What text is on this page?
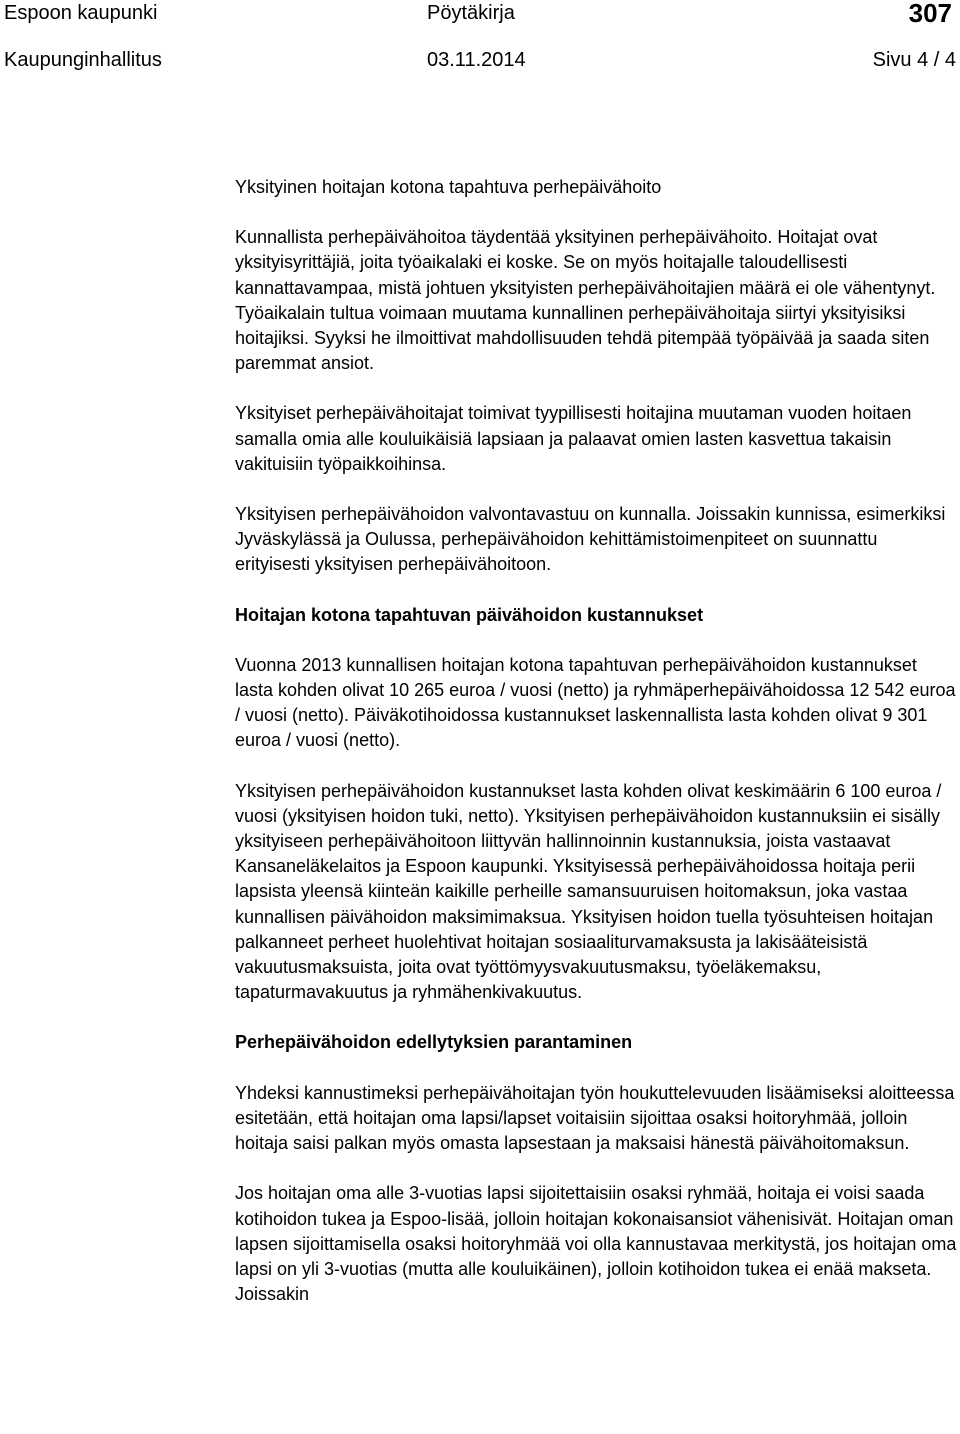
Espoon kaupunki	Pöytäkirja	307
Kaupunginhallitus	03.11.2014	Sivu 4 / 4

Yksityinen hoitajan kotona tapahtuva perhepäivähoito

Kunnallista perhepäivähoitoa täydentää yksityinen perhepäivähoito. Hoitajat ovat yksityisyrittäjiä, joita työaikalaki ei koske. Se on myös hoitajalle taloudellisesti kannattavampaa, mistä johtuen yksityisten perhepäivähoitajien määrä ei ole vähentynyt. Työaikalain tultua voimaan muutama kunnallinen perhepäivähoitaja siirtyi yksityisiksi hoitajiksi. Syyksi he ilmoittivat mahdollisuuden tehdä pitempää työpäivää ja saada siten paremmat ansiot.

Yksityiset perhepäivähoitajat toimivat tyypillisesti hoitajina muutaman vuoden hoitaen samalla omia alle kouluikäisiä lapsiaan ja palaavat omien lasten kasvettua takaisin vakituisiin työpaikkoihinsa.

Yksityisen perhepäivähoidon valvontavastuu on kunnalla. Joissakin kunnissa, esimerkiksi Jyväskylässä ja Oulussa, perhepäivähoidon kehittämistoimenpiteet on suunnattu erityisesti yksityisen perhepäivähoitoon.

Hoitajan kotona tapahtuvan päivähoidon kustannukset

Vuonna 2013 kunnallisen hoitajan kotona tapahtuvan perhepäivähoidon kustannukset lasta kohden olivat 10 265 euroa / vuosi (netto) ja ryhmäperhepäivähoidossa 12 542 euroa / vuosi (netto). Päiväkotihoidossa kustannukset laskennallista lasta kohden olivat 9 301 euroa / vuosi (netto).

Yksityisen perhepäivähoidon kustannukset lasta kohden olivat keskimäärin 6 100 euroa / vuosi (yksityisen hoidon tuki, netto). Yksityisen perhepäivähoidon kustannuksiin ei sisälly yksityiseen perhepäivähoitoon liittyvän hallinnoinnin kustannuksia, joista vastaavat Kansaneläkelaitos ja Espoon kaupunki. Yksityisessä perhepäivähoidossa hoitaja perii lapsista yleensä kiinteän kaikille perheille samansuuruisen hoitomaksun, joka vastaa kunnallisen päivähoidon maksimimaksua. Yksityisen hoidon tuella työsuhteisen hoitajan palkanneet perheet huolehtivat hoitajan sosiaaliturvamaksusta ja lakisääteisistä vakuutusmaksuista, joita ovat työttömyysvakuutusmaksu, työeläkemaksu, tapaturmavakuutus ja ryhmähenkivakuutus.

Perhepäivähoidon edellytyksien parantaminen

Yhdeksi kannustimeksi perhepäivähoitajan työn houkuttelevuuden lisäämiseksi aloitteessa esitetään, että hoitajan oma lapsi/lapset voitaisiin sijoittaa osaksi hoitoryhmää, jolloin hoitaja saisi palkan myös omasta lapsestaan ja maksaisi hänestä päivähoitomaksun.

Jos hoitajan oma alle 3-vuotias lapsi sijoitettaisiin osaksi ryhmää, hoitaja ei voisi saada kotihoidon tukea ja Espoo-lisää, jolloin hoitajan kokonaisansiot vähenisivät. Hoitajan oman lapsen sijoittamisella osaksi hoitoryhmää voi olla kannustavaa merkitystä, jos hoitajan oma lapsi on yli 3-vuotias (mutta alle kouluikäinen), jolloin kotihoidon tukea ei enää makseta. Joissakin
